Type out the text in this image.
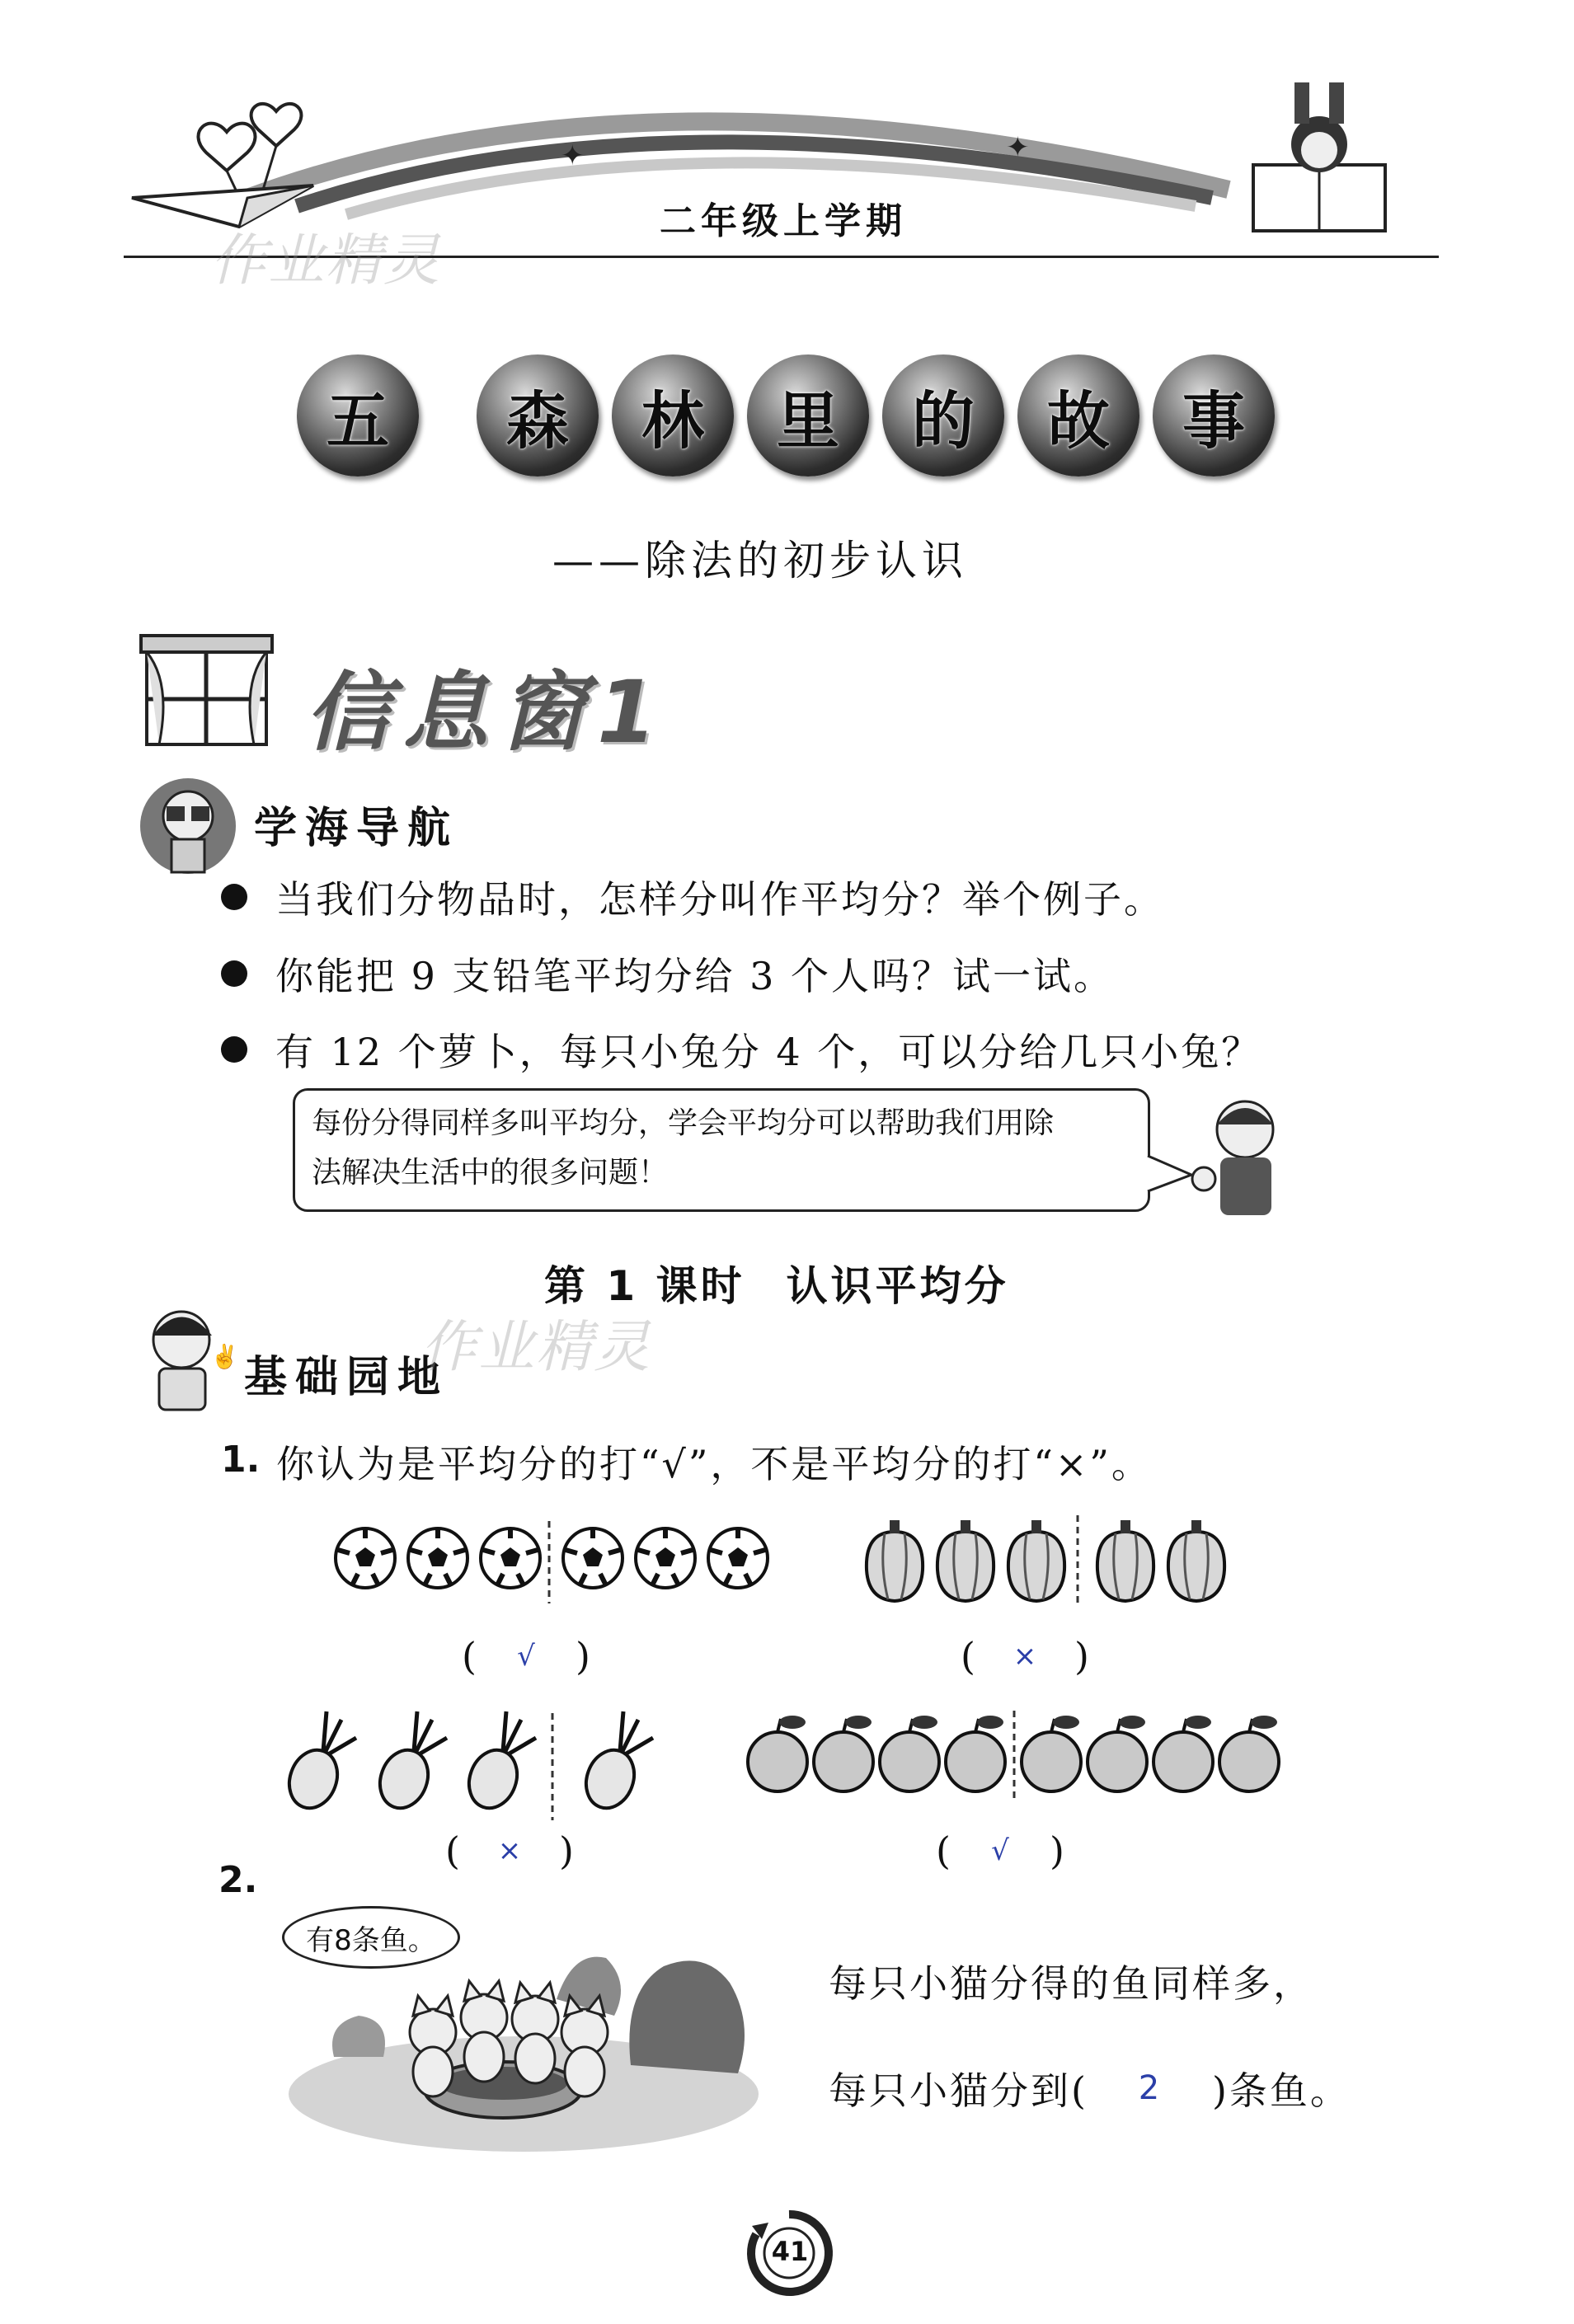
✦	✦
二年级上学期
作业精灵
五 森 林 里 的 故 事
——除法的初步认识
信息窗1
学海导航
当我们分物品时，怎样分叫作平均分？举个例子。
你能把 9 支铅笔平均分给 3 个人吗？试一试。
有 12 个萝卜，每只小兔分 4 个，可以分给几只小兔？
每份分得同样多叫平均分，学会平均分可以帮助我们用除
法解决生活中的很多问题！
第 1 课时 认识平均分
✌ 基础园地
作业精灵
1. 你认为是平均分的打“√”，不是平均分的打“×”。
(	√	)	(	× )
(	× )	(	√	)
2.
有8条鱼。
每只小猫分得的鱼同样多，
每只小猫分到(	2	)条鱼。
41
